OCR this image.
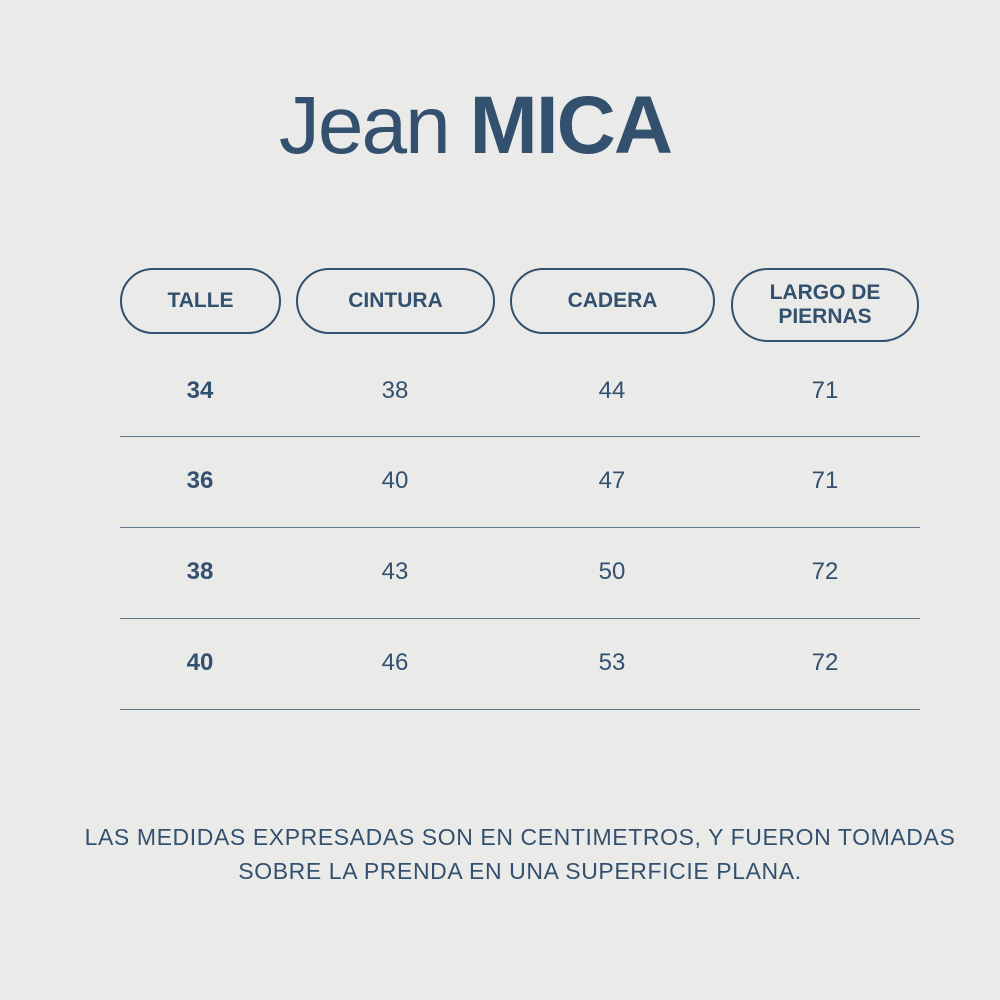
Jean MICA
TALLE	CINTURA	CADERA	LARGO DE
PIERNAS
34	38	44	71
36	40	47	71
38	43	50	72
40	46	53	72
LAS MEDIDAS EXPRESADAS SON EN CENTIMETROS, Y FUERON TOMADAS
SOBRE LA PRENDA EN UNA SUPERFICIE PLANA.
